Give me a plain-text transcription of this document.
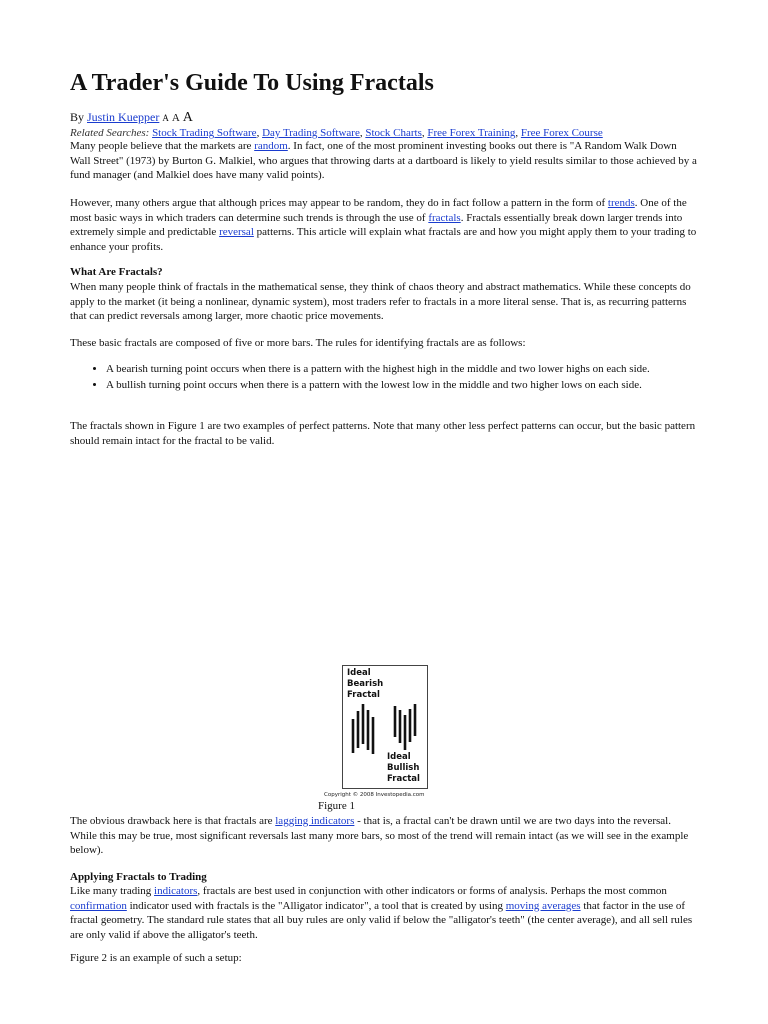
A Trader's Guide To Using Fractals
By Justin Kuepper A A A
Related Searches: Stock Trading Software, Day Trading Software, Stock Charts, Free Forex Training, Free Forex Course
Many people believe that the markets are random. In fact, one of the most prominent investing books out there is "A Random Walk Down Wall Street" (1973) by Burton G. Malkiel, who argues that throwing darts at a dartboard is likely to yield results similar to those achieved by a fund manager (and Malkiel does have many valid points).
However, many others argue that although prices may appear to be random, they do in fact follow a pattern in the form of trends. One of the most basic ways in which traders can determine such trends is through the use of fractals. Fractals essentially break down larger trends into extremely simple and predictable reversal patterns. This article will explain what fractals are and how you might apply them to your trading to enhance your profits.
What Are Fractals?
When many people think of fractals in the mathematical sense, they think of chaos theory and abstract mathematics. While these concepts do apply to the market (it being a nonlinear, dynamic system), most traders refer to fractals in a more literal sense. That is, as recurring patterns that can predict reversals among larger, more chaotic price movements.
These basic fractals are composed of five or more bars. The rules for identifying fractals are as follows:
• A bearish turning point occurs when there is a pattern with the highest high in the middle and two lower highs on each side.
• A bullish turning point occurs when there is a pattern with the lowest low in the middle and two higher lows on each side.
The fractals shown in Figure 1 are two examples of perfect patterns. Note that many other less perfect patterns can occur, but the basic pattern should remain intact for the fractal to be valid.
Ideal
Bearish
Fractal
Ideal
Bullish
Fractal
Copyright © 2008 Investopedia.com
Figure 1
The obvious drawback here is that fractals are lagging indicators - that is, a fractal can't be drawn until we are two days into the reversal. While this may be true, most significant reversals last many more bars, so most of the trend will remain intact (as we will see in the example below).
Applying Fractals to Trading
Like many trading indicators, fractals are best used in conjunction with other indicators or forms of analysis. Perhaps the most common confirmation indicator used with fractals is the "Alligator indicator", a tool that is created by using moving averages that factor in the use of fractal geometry. The standard rule states that all buy rules are only valid if below the "alligator's teeth" (the center average), and all sell rules are only valid if above the alligator's teeth.
Figure 2 is an example of such a setup:
